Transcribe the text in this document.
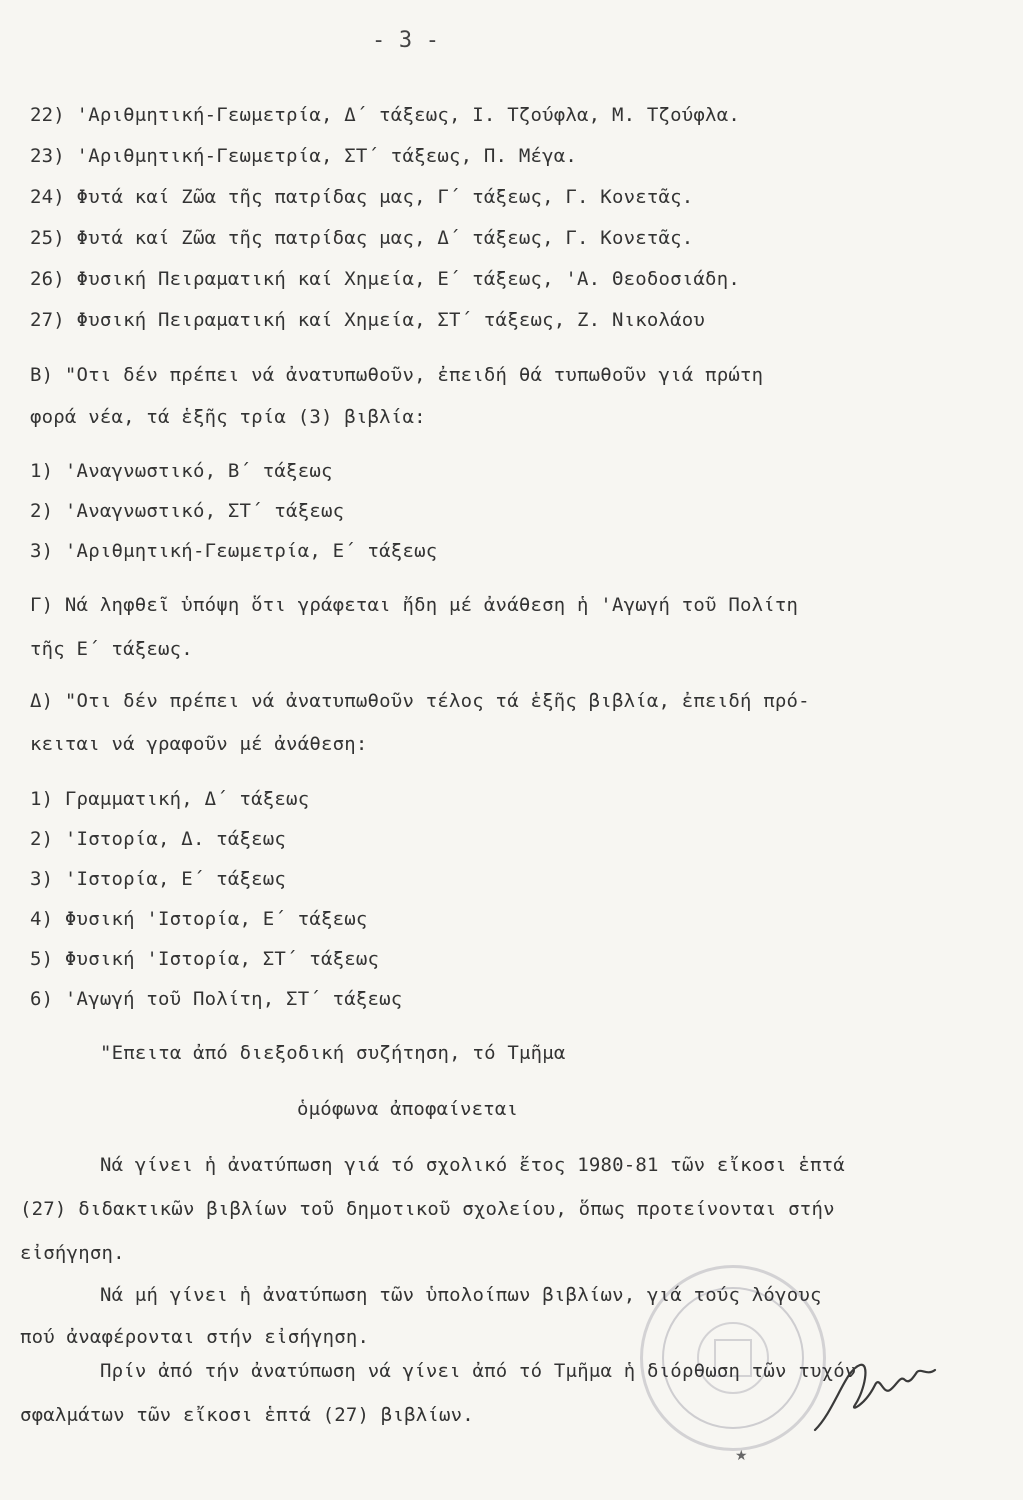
- 3 -
22) 'Αριθμητική-Γεωμετρία, Δ΄ τάξεως, Ι. Τζούφλα, Μ. Τζούφλα.
23) 'Αριθμητική-Γεωμετρία, ΣΤ΄ τάξεως, Π. Μέγα.
24) Φυτά καί Ζῶα τῆς πατρίδας μας, Γ΄ τάξεως, Γ. Κονετᾶς.
25) Φυτά καί Ζῶα τῆς πατρίδας μας, Δ΄ τάξεως, Γ. Κονετᾶς.
26) Φυσική Πειραματική καί Χημεία, Ε΄ τάξεως, 'Α. Θεοδοσιάδη.
27) Φυσική Πειραματική καί Χημεία, ΣΤ΄ τάξεως, Ζ. Νικολάου
Β) "Οτι δέν πρέπει νά ἀνατυπωθοῦν, ἐπειδή θά τυπωθοῦν γιά πρώτη
φορά νέα, τά ἑξῆς τρία (3) βιβλία:
1) 'Αναγνωστικό, Β΄ τάξεως
2) 'Αναγνωστικό, ΣΤ΄ τάξεως
3) 'Αριθμητική-Γεωμετρία, Ε΄ τάξεως
Γ) Νά ληφθεῖ ὑπόψη ὅτι γράφεται ἤδη μέ ἀνάθεση ἡ 'Αγωγή τοῦ Πολίτη
τῆς Ε΄ τάξεως.
Δ) "Οτι δέν πρέπει νά ἀνατυπωθοῦν τέλος τά ἑξῆς βιβλία, ἐπειδή πρό-
κειται νά γραφοῦν μέ ἀνάθεση:
1) Γραμματική, Δ΄ τάξεως
2) 'Ιστορία, Δ. τάξεως
3) 'Ιστορία, Ε΄ τάξεως
4) Φυσική 'Ιστορία, Ε΄ τάξεως
5) Φυσική 'Ιστορία, ΣΤ΄ τάξεως
6) 'Αγωγή τοῦ Πολίτη, ΣΤ΄ τάξεως
"Επειτα ἀπό διεξοδική συζήτηση, τό Τμῆμα
ὁμόφωνα ἀποφαίνεται
Νά γίνει ἡ ἀνατύπωση γιά τό σχολικό ἔτος 1980-81 τῶν εἴκοσι ἑπτά
(27) διδακτικῶν βιβλίων τοῦ δημοτικοῦ σχολείου, ὅπως προτείνονται στήν
εἰσήγηση.
Νά μή γίνει ἡ ἀνατύπωση τῶν ὑπολοίπων βιβλίων, γιά τούς λόγους
πού ἀναφέρονται στήν εἰσήγηση.
Πρίν ἀπό τήν ἀνατύπωση νά γίνει ἀπό τό Τμῆμα ἡ διόρθωση τῶν τυχόν
σφαλμάτων τῶν εἴκοσι ἑπτά (27) βιβλίων.
★
